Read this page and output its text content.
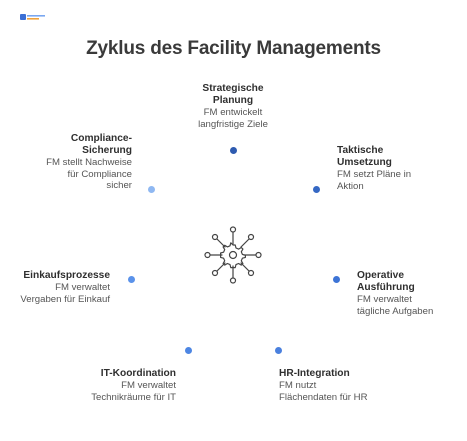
Zyklus des Facility Managements
Strategische
Planung
FM entwickelt
langfristige Ziele
Taktische
Umsetzung
FM setzt Pläne in
Aktion
Operative
Ausführung
FM verwaltet
tägliche Aufgaben
HR-Integration
FM nutzt
Flächendaten für HR
IT-Koordination
FM verwaltet
Technikräume für IT
Einkaufsprozesse
FM verwaltet
Vergaben für Einkauf
Compliance-
Sicherung
FM stellt Nachweise
für Compliance
sicher
